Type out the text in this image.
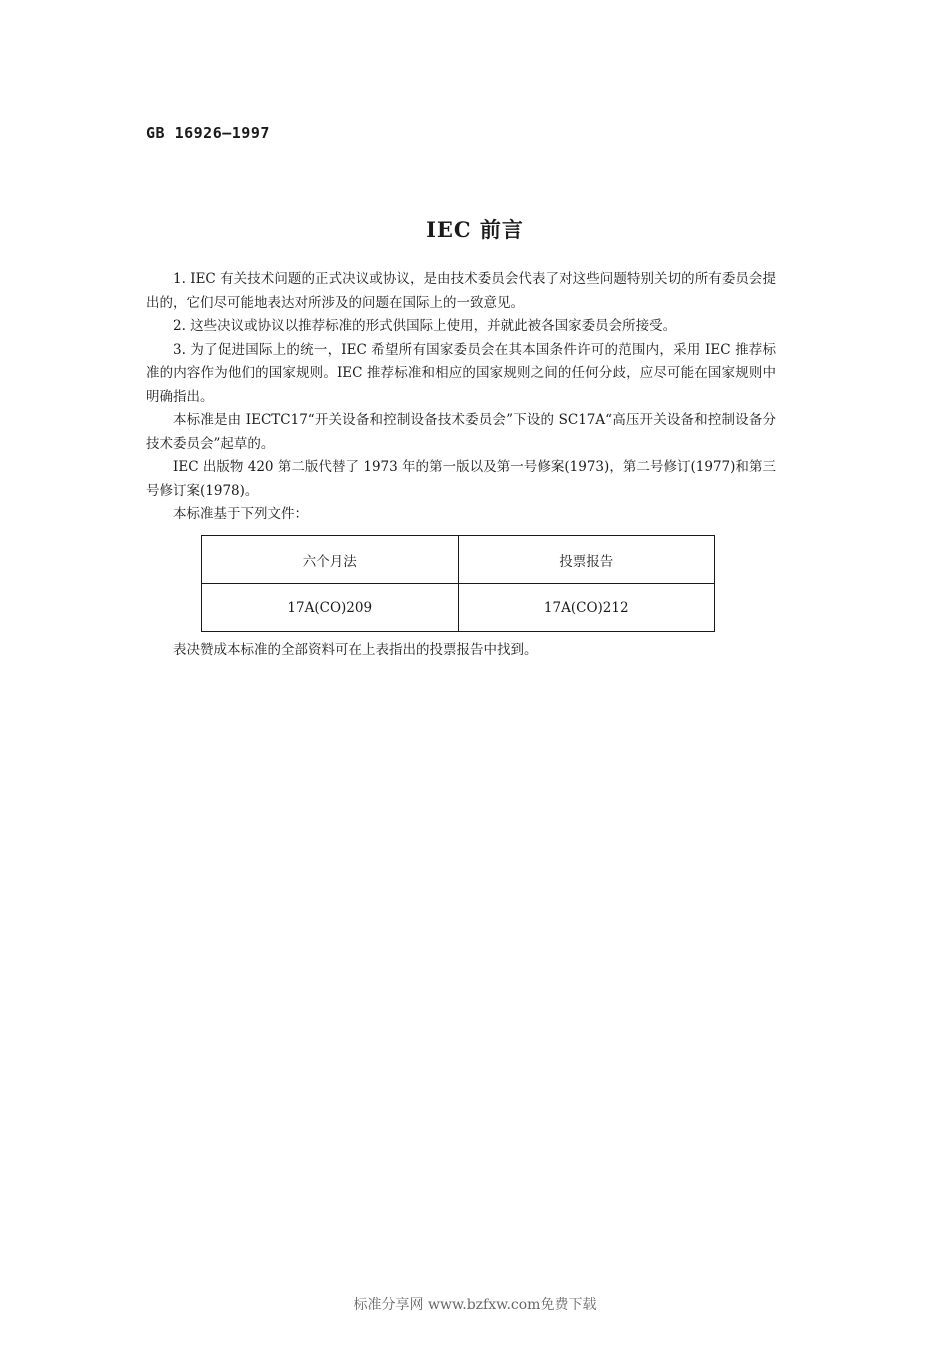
GB 16926—1997
IEC 前言

1. IEC 有关技术问题的正式决议或协议，是由技术委员会代表了对这些问题特别关切的所有委员会提出的，它们尽可能地表达对所涉及的问题在国际上的一致意见。

2. 这些决议或协议以推荐标准的形式供国际上使用，并就此被各国家委员会所接受。

3. 为了促进国际上的统一，IEC 希望所有国家委员会在其本国条件许可的范围内，采用 IEC 推荐标准的内容作为他们的国家规则。IEC 推荐标准和相应的国家规则之间的任何分歧，应尽可能在国家规则中明确指出。

本标准是由 IECTC17“开关设备和控制设备技术委员会”下设的 SC17A“高压开关设备和控制设备分技术委员会”起草的。

IEC 出版物 420 第二版代替了 1973 年的第一版以及第一号修案(1973)，第二号修订(1977)和第三号修订案(1978)。

本标准基于下列文件：

六个月法	投票报告
17A(CO)209	17A(CO)212
表决赞成本标准的全部资料可在上表指出的投票报告中找到。
标准分享网 www.bzfxw.com免费下载
